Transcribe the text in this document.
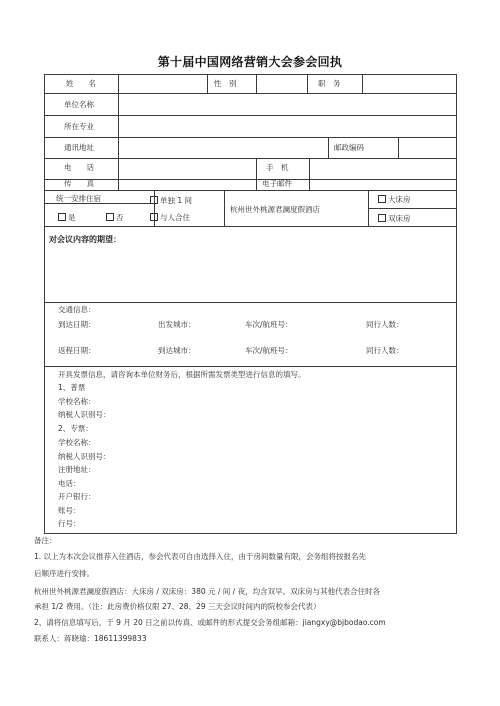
第十届中国网络营销大会参会回执
姓　　名	性　别	职　务
单位名称
所在专业
通讯地址	邮政编码
电　　话	手　机
传　　真	电子邮件
统一安排住宿
是	否
单独 1 间
与人合住
杭州世外桃源君澜度假酒店
大床房
双床房
对会议内容的期望：
交通信息：
到达日期：	出发城市：	车次/航班号：	同行人数：
返程日期：	到达城市：	车次/航班号：	同行人数：
开具发票信息，请咨询本单位财务后，根据所需发票类型进行信息的填写。
1、普票
学校名称：
纳税人识别号：
2、专票：
学校名称：
纳税人识别号：
注册地址：
电话：
开户银行：
账号：
行号：
备注：
1. 以上为本次会议推荐入住酒店，参会代表可自由选择入住，由于房间数量有限，会务组将按报名先
后顺序进行安排。
杭州世外桃源君澜度假酒店：大床房 / 双床房：380 元 / 间 / 夜，均含双早。双床房与其他代表合住时各
承担 1/2 费用。（注：此房费价格仅限 27、28、29 三天会议时间内的院校参会代表）
2、请将信息填写后，于 9 月 20 日之前以传真、或邮件的形式提交会务组邮箱：jiangxy@bjbodao.com
联系人：蒋晓瑜：18611399833
